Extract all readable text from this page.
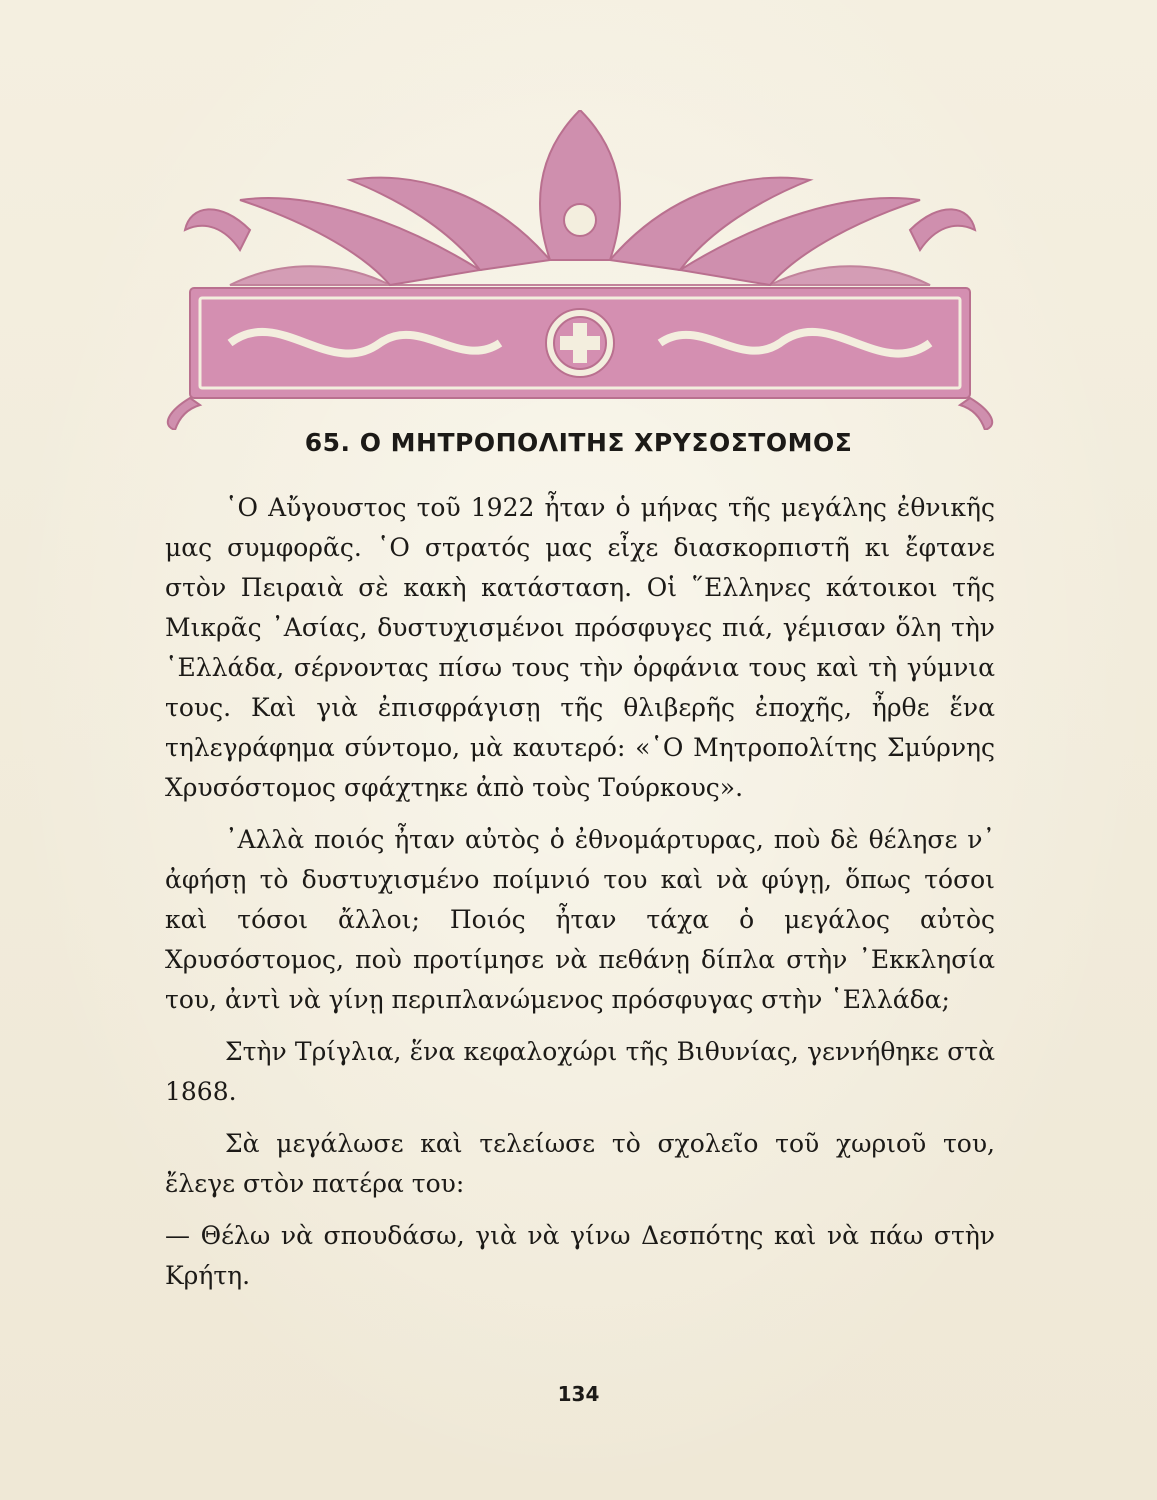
65. Ο ΜΗΤΡΟΠΟΛΙΤΗΣ ΧΡΥΣΟΣΤΟΜΟΣ

῾Ο Αὔγουστος τοῦ 1922 ἦταν ὁ μήνας τῆς μεγάλης ἐθνικῆς μας συμφορᾶς. ῾Ο στρατός μας εἶχε διασκορπιστῆ κι ἔφτανε στὸν Πειραιὰ σὲ κακὴ κατάσταση. Οἱ ῞Ελληνες κάτοικοι τῆς Μικρᾶς ᾿Ασίας, δυστυχισμένοι πρόσφυγες πιά, γέμισαν ὅλη τὴν ῾Ελλάδα, σέρνοντας πίσω τους τὴν ὀρφάνια τους καὶ τὴ γύμνια τους. Καὶ γιὰ ἐπισφράγισῃ τῆς θλιβερῆς ἐποχῆς, ἦρθε ἕνα τηλεγράφημα σύντομο, μὰ καυτερό: «῾Ο Μητροπολίτης Σμύρνης Χρυσόστομος σφάχτηκε ἀπὸ τοὺς Τούρκους».

᾿Αλλὰ ποιός ἦταν αὐτὸς ὁ ἐθνομάρτυρας, ποὺ δὲ θέλησε ν᾿ ἀφήσῃ τὸ δυστυχισμένο ποίμνιό του καὶ νὰ φύγῃ, ὅπως τόσοι καὶ τόσοι ἄλλοι; Ποιός ἦταν τάχα ὁ μεγάλος αὐτὸς Χρυσόστομος, ποὺ προτίμησε νὰ πεθάνῃ δίπλα στὴν ᾿Εκκλησία του, ἀντὶ νὰ γίνῃ περιπλανώμενος πρόσφυγας στὴν ῾Ελλάδα;

Στὴν Τρίγλια, ἕνα κεφαλοχώρι τῆς Βιθυνίας, γεννήθηκε στὰ 1868.

Σὰ μεγάλωσε καὶ τελείωσε τὸ σχολεῖο τοῦ χωριοῦ του, ἔλεγε στὸν πατέρα του:

— Θέλω νὰ σπουδάσω, γιὰ νὰ γίνω Δεσπότης καὶ νὰ πάω στὴν Κρήτη.

134
